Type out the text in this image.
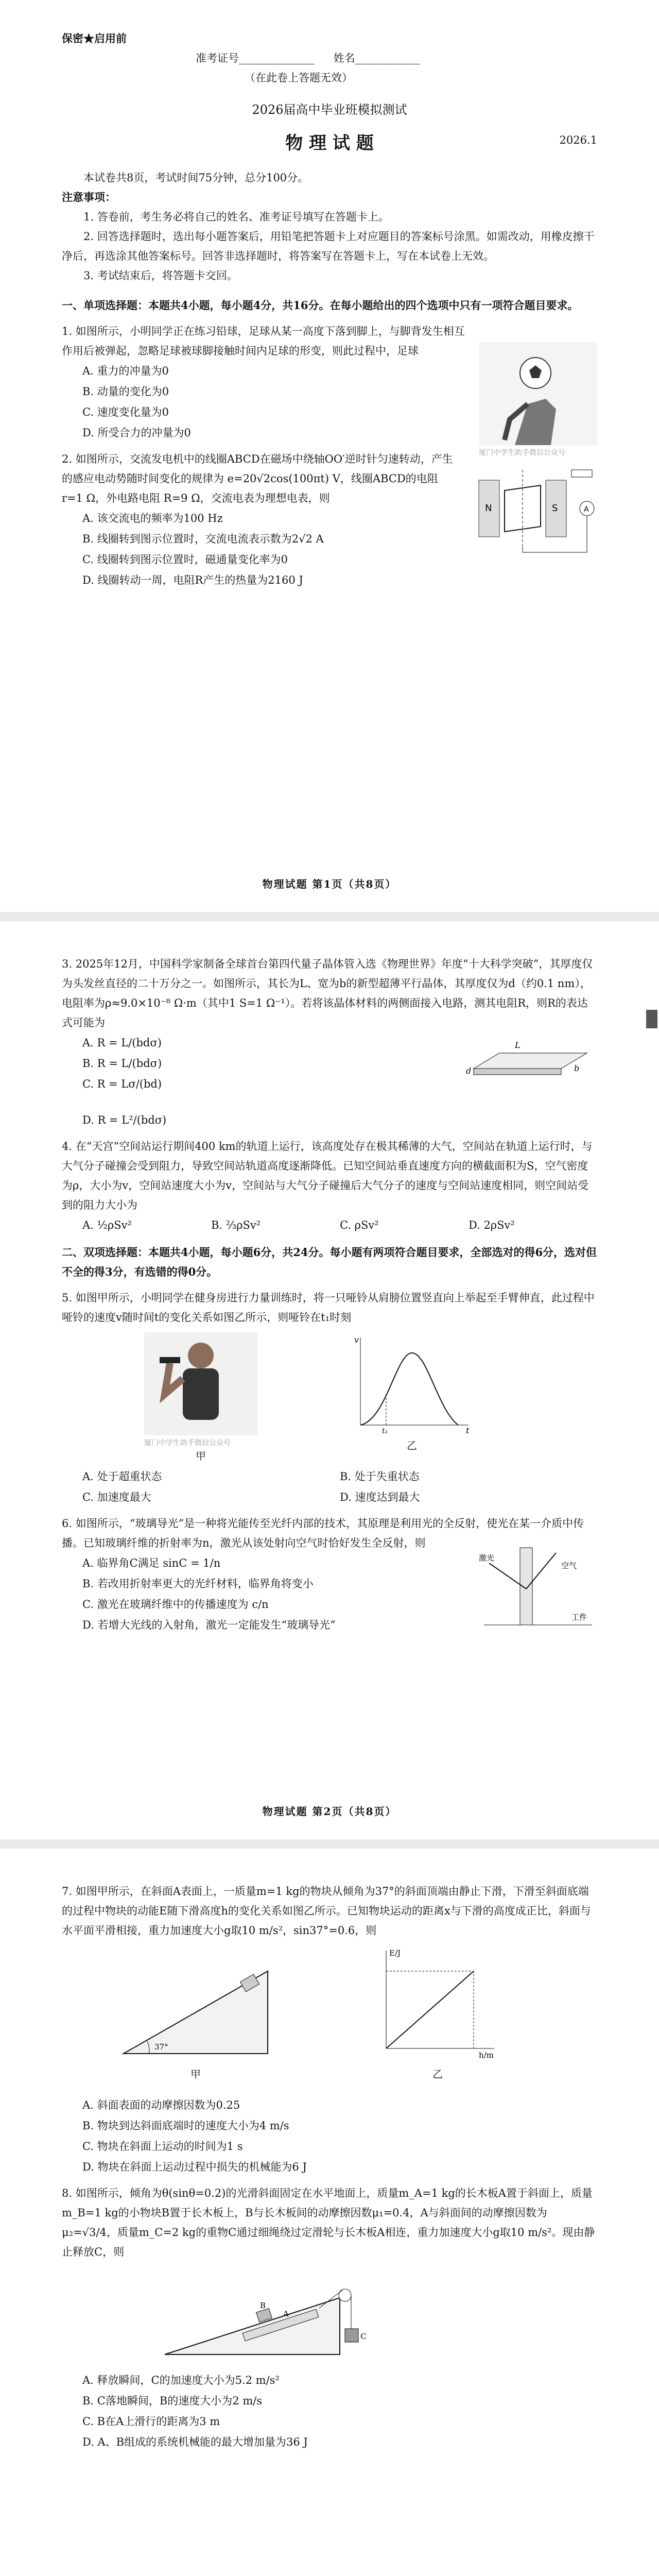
保密★启用前

准考证号______________ 姓名____________

（在此卷上答题无效）

2026届高中毕业班模拟测试

物 理 试 题	2026.1

本试卷共8页，考试时间75分钟，总分100分。

注意事项：

1. 答卷前，考生务必将自己的姓名、准考证号填写在答题卡上。

2. 回答选择题时，选出每小题答案后，用铅笔把答题卡上对应题目的答案标号涂黑。如需改动，用橡皮擦干净后，再选涂其他答案标号。回答非选择题时，将答案写在答题卡上，写在本试卷上无效。

3. 考试结束后，将答题卡交回。

一、单项选择题：本题共4小题，每小题4分，共16分。在每小题给出的四个选项中只有一项符合题目要求。

1. 如图所示，小明同学正在练习铅球，足球从某一高度下落到脚上，与脚背发生相互作用后被弹起，忽略足球被球脚接触时间内足球的形变，则此过程中，足球

A. 重力的冲量为0

B. 动量的变化为0

C. 速度变化量为0

D. 所受合力的冲量为0

厦门中学生助手微信公众号

2. 如图所示，交流发电机中的线圈ABCD在磁场中绕轴OO′逆时针匀速转动，产生的感应电动势随时间变化的规律为 e=20√2cos(100πt) V，线圈ABCD的电阻 r=1 Ω，外电路电阻 R=9 Ω，交流电表为理想电表，则

A. 该交流电的频率为100 Hz

B. 线圈转到图示位置时，交流电流表示数为2√2 A

C. 线圈转到图示位置时，磁通量变化率为0

D. 线圈转动一周，电阻R产生的热量为2160 J

N	S	A
物理试题 第1页（共8页）

3. 2025年12月，中国科学家制备全球首台第四代量子晶体管入选《物理世界》年度“十大科学突破”，其厚度仅为头发丝直径的二十万分之一。如图所示，其长为L、宽为b的新型超薄平行晶体，其厚度仅为d（约0.1 nm），电阻率为ρ≈9.0×10⁻⁸ Ω·m（其中1 S=1 Ω⁻¹）。若将该晶体材料的两侧面接入电路，测其电阻R，则R的表达式可能为

A. R = L/(bdσ)

B. R = L/(bdσ)

C. R = Lσ/(bd)

L
b
d

D. R = L²/(bdσ)

4. 在“天宫”空间站运行期间400 km的轨道上运行，该高度处存在极其稀薄的大气，空间站在轨道上运行时，与大气分子碰撞会受到阻力，导致空间站轨道高度逐渐降低。已知空间站垂直速度方向的横截面积为S，空气密度为ρ，大小为v，空间站速度大小为v，空间站与大气分子碰撞后大气分子的速度与空间站速度相同，则空间站受到的阻力大小为

A. ½ρSv²	B. ⅔ρSv²	C. ρSv²	D. 2ρSv²

二、双项选择题：本题共4小题，每小题6分，共24分。每小题有两项符合题目要求，全部选对的得6分，选对但不全的得3分，有选错的得0分。

5. 如图甲所示，小明同学在健身房进行力量训练时，将一只哑铃从肩膀位置竖直向上举起至手臂伸直，此过程中哑铃的速度v随时间t的变化关系如图乙所示，则哑铃在t₁时刻

厦门中学生助手微信公众号
甲
v
t
t₁
乙
A. 处于超重状态	B. 处于失重状态
C. 加速度最大	D. 速度达到最大

6. 如图所示，“玻璃导光”是一种将光能传至光纤内部的技术，其原理是利用光的全反射，使光在某一介质中传播。已知玻璃纤维的折射率为n，激光从该处射向空气时恰好发生全反射，则

A. 临界角C满足 sinC = 1/n

B. 若改用折射率更大的光纤材料，临界角将变小

C. 激光在玻璃纤维中的传播速度为 c/n

D. 若增大光线的入射角，激光一定能发生“玻璃导光”

空气
激光
工件
物理试题 第2页（共8页）

7. 如图甲所示，在斜面A表面上，一质量m=1 kg的物块从倾角为37°的斜面顶端由静止下滑，下滑至斜面底端的过程中物块的动能E随下滑高度h的变化关系如图乙所示。已知物块运动的距离x与下滑的高度成正比，斜面与水平面平滑相接，重力加速度大小g取10 m/s²，sin37°=0.6，则

37°
甲
E/J
h/m
乙

A. 斜面表面的动摩擦因数为0.25

B. 物块到达斜面底端时的速度大小为4 m/s

C. 物块在斜面上运动的时间为1 s

D. 物块在斜面上运动过程中损失的机械能为6 J

8. 如图所示，倾角为θ(sinθ=0.2)的光滑斜面固定在水平地面上，质量m_A=1 kg的长木板A置于斜面上，质量m_B=1 kg的小物块B置于长木板上，B与长木板间的动摩擦因数μ₁=0.4，A与斜面间的动摩擦因数为μ₂=√3/4，质量m_C=2 kg的重物C通过细绳绕过定滑轮与长木板A相连，重力加速度大小g取10 m/s²。现由静止释放C，则

A
B
C

A. 释放瞬间，C的加速度大小为5.2 m/s²

B. C落地瞬间，B的速度大小为2 m/s

C. B在A上滑行的距离为3 m

D. A、B组成的系统机械能的最大增加量为36 J
